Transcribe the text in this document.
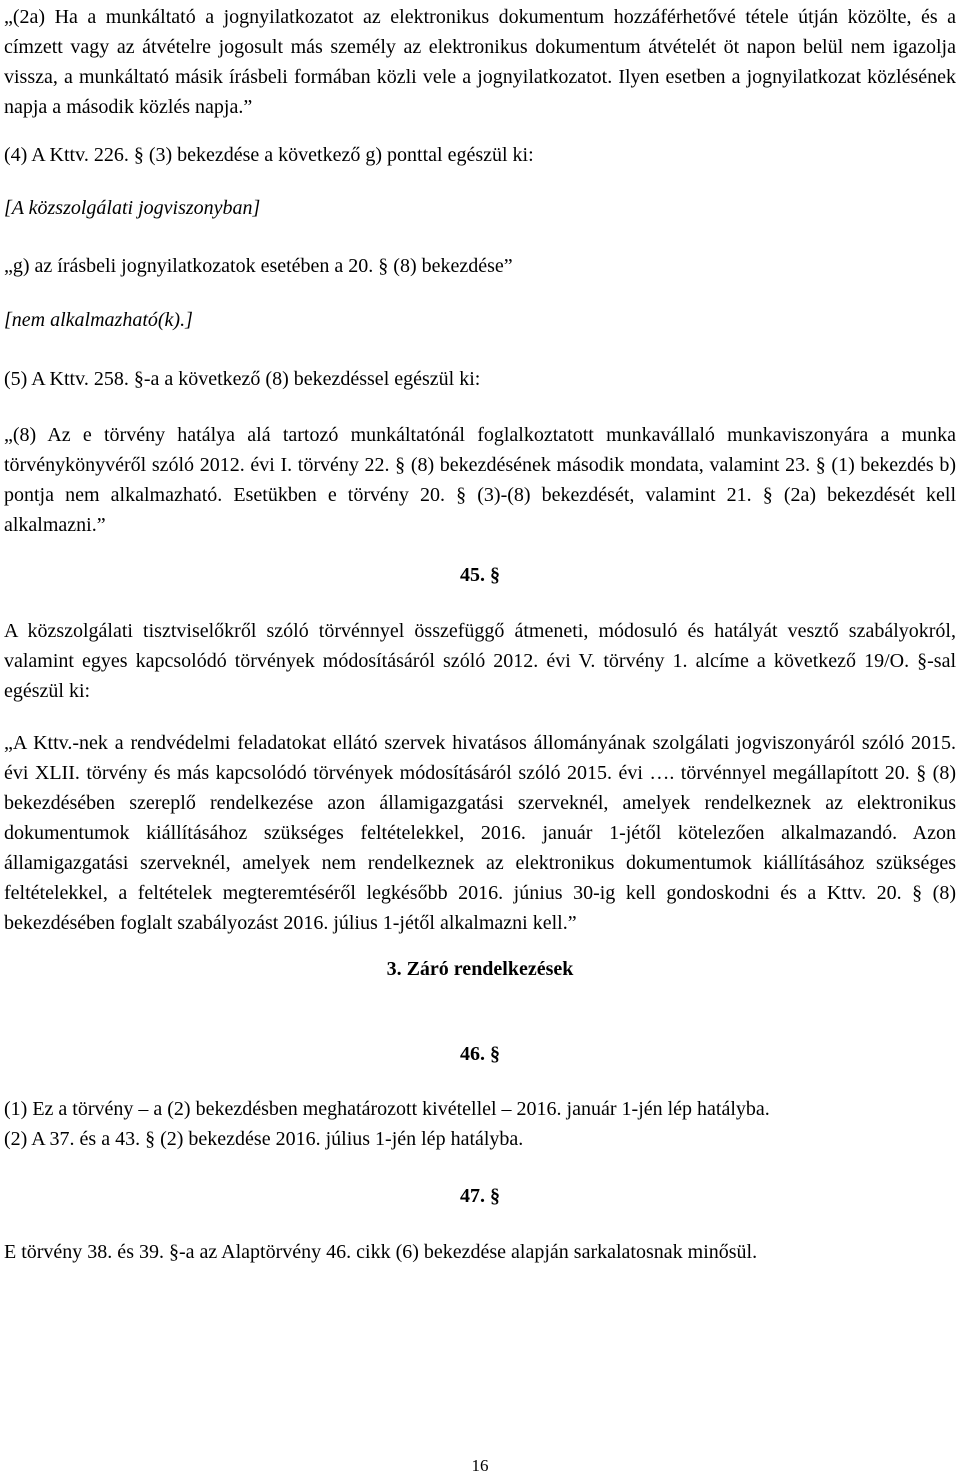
„(2a) Ha a munkáltató a jognyilatkozatot az elektronikus dokumentum hozzáférhetővé tétele útján közölte, és a címzett vagy az átvételre jogosult más személy az elektronikus dokumentum átvételét öt napon belül nem igazolja vissza, a munkáltató másik írásbeli formában közli vele a jognyilatkozatot. Ilyen esetben a jognyilatkozat közlésének napja a második közlés napja.”

(4) A Kttv. 226. § (3) bekezdése a következő g) ponttal egészül ki:

[A közszolgálati jogviszonyban]

„g) az írásbeli jognyilatkozatok esetében a 20. § (8) bekezdése”

[nem alkalmazható(k).]

(5) A Kttv. 258. §-a a következő (8) bekezdéssel egészül ki:

„(8) Az e törvény hatálya alá tartozó munkáltatónál foglalkoztatott munkavállaló munkaviszonyára a munka törvénykönyvéről szóló 2012. évi I. törvény 22. § (8) bekezdésének második mondata, valamint 23. § (1) bekezdés b) pontja nem alkalmazható. Esetükben e törvény 20. § (3)-(8) bekezdését, valamint 21. § (2a) bekezdését kell alkalmazni.”

45. §

A közszolgálati tisztviselőkről szóló törvénnyel összefüggő átmeneti, módosuló és hatályát vesztő szabályokról, valamint egyes kapcsolódó törvények módosításáról szóló 2012. évi V. törvény 1. alcíme a következő 19/O. §-sal egészül ki:

„A Kttv.-nek a rendvédelmi feladatokat ellátó szervek hivatásos állományának szolgálati jogviszonyáról szóló 2015. évi XLII. törvény és más kapcsolódó törvények módosításáról szóló 2015. évi …. törvénnyel megállapított 20. § (8) bekezdésében szereplő rendelkezése azon államigazgatási szerveknél, amelyek rendelkeznek az elektronikus dokumentumok kiállításához szükséges feltételekkel, 2016. január 1-jétől kötelezően alkalmazandó. Azon államigazgatási szerveknél, amelyek nem rendelkeznek az elektronikus dokumentumok kiállításához szükséges feltételekkel, a feltételek megteremtéséről legkésőbb 2016. június 30-ig kell gondoskodni és a Kttv. 20. § (8) bekezdésében foglalt szabályozást 2016. július 1-jétől alkalmazni kell.”

3. Záró rendelkezések

46. §

(1) Ez a törvény – a (2) bekezdésben meghatározott kivétellel – 2016. január 1-jén lép hatályba.

(2) A 37. és a 43. § (2) bekezdése 2016. július 1-jén lép hatályba.

47. §

E törvény 38. és 39. §-a az Alaptörvény 46. cikk (6) bekezdése alapján sarkalatosnak minősül.

16
